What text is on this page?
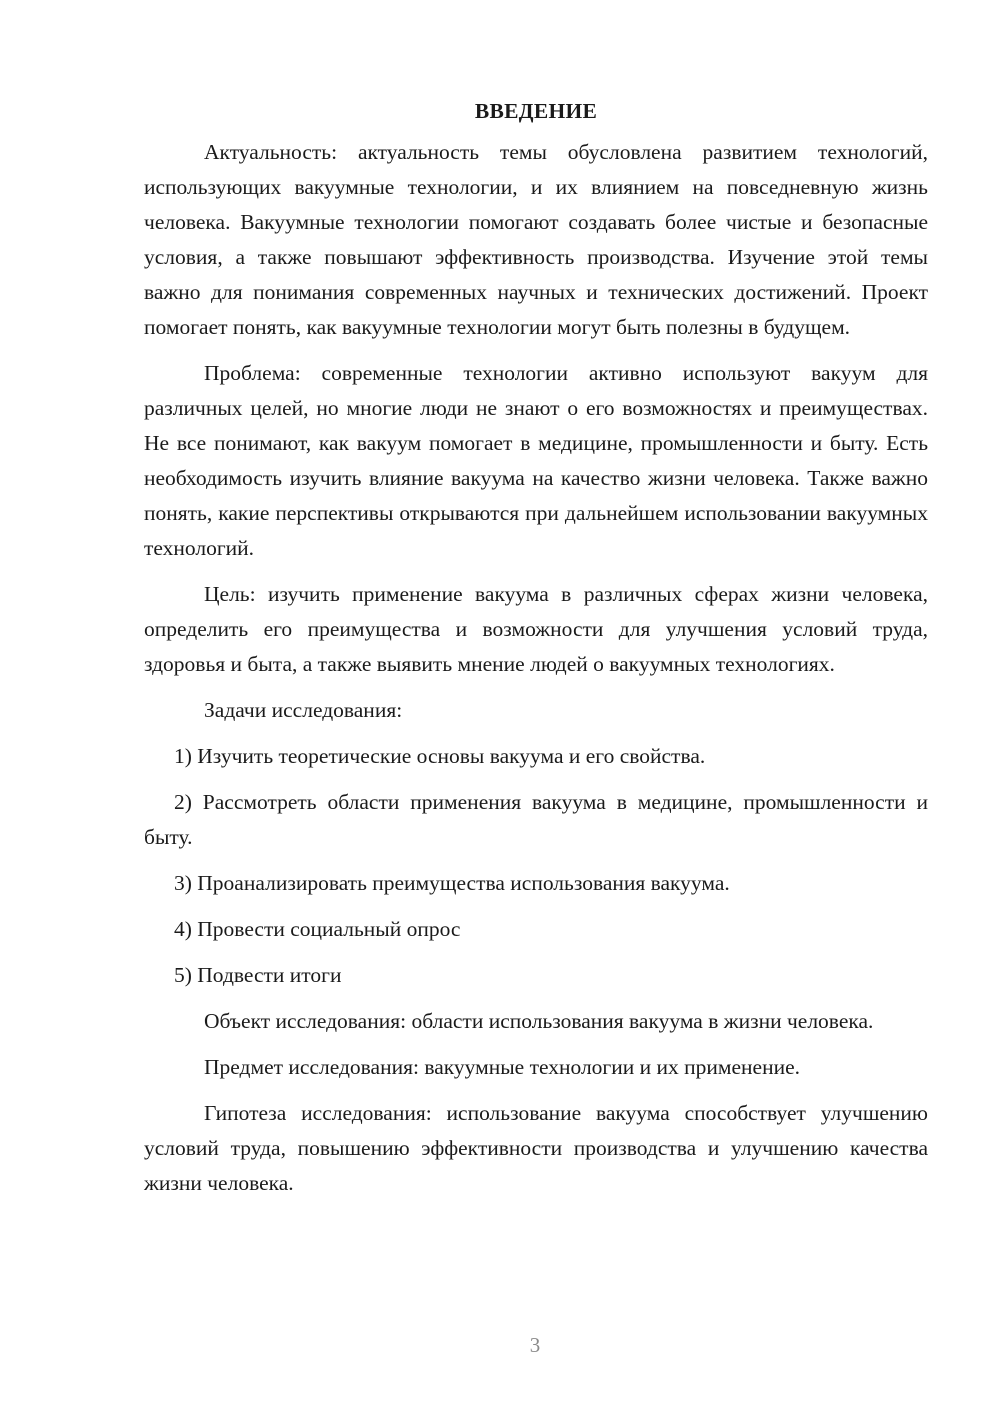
ВВЕДЕНИЕ

Актуальность: актуальность темы обусловлена развитием технологий, использующих вакуумные технологии, и их влиянием на повседневную жизнь человека. Вакуумные технологии помогают создавать более чистые и безопасные условия, а также повышают эффективность производства. Изучение этой темы важно для понимания современных научных и технических достижений. Проект помогает понять, как вакуумные технологии могут быть полезны в будущем.

Проблема: современные технологии активно используют вакуум для различных целей, но многие люди не знают о его возможностях и преимуществах. Не все понимают, как вакуум помогает в медицине, промышленности и быту. Есть необходимость изучить влияние вакуума на качество жизни человека. Также важно понять, какие перспективы открываются при дальнейшем использовании вакуумных технологий.

Цель: изучить применение вакуума в различных сферах жизни человека, определить его преимущества и возможности для улучшения условий труда, здоровья и быта, а также выявить мнение людей о вакуумных технологиях.

Задачи исследования:

1) Изучить теоретические основы вакуума и его свойства.

2) Рассмотреть области применения вакуума в медицине, промышленности и быту.

3) Проанализировать преимущества использования вакуума.

4) Провести социальный опрос

5) Подвести итоги

Объект исследования: области использования вакуума в жизни человека.

Предмет исследования: вакуумные технологии и их применение.

Гипотеза исследования: использование вакуума способствует улучшению условий труда, повышению эффективности производства и улучшению качества жизни человека.

3
